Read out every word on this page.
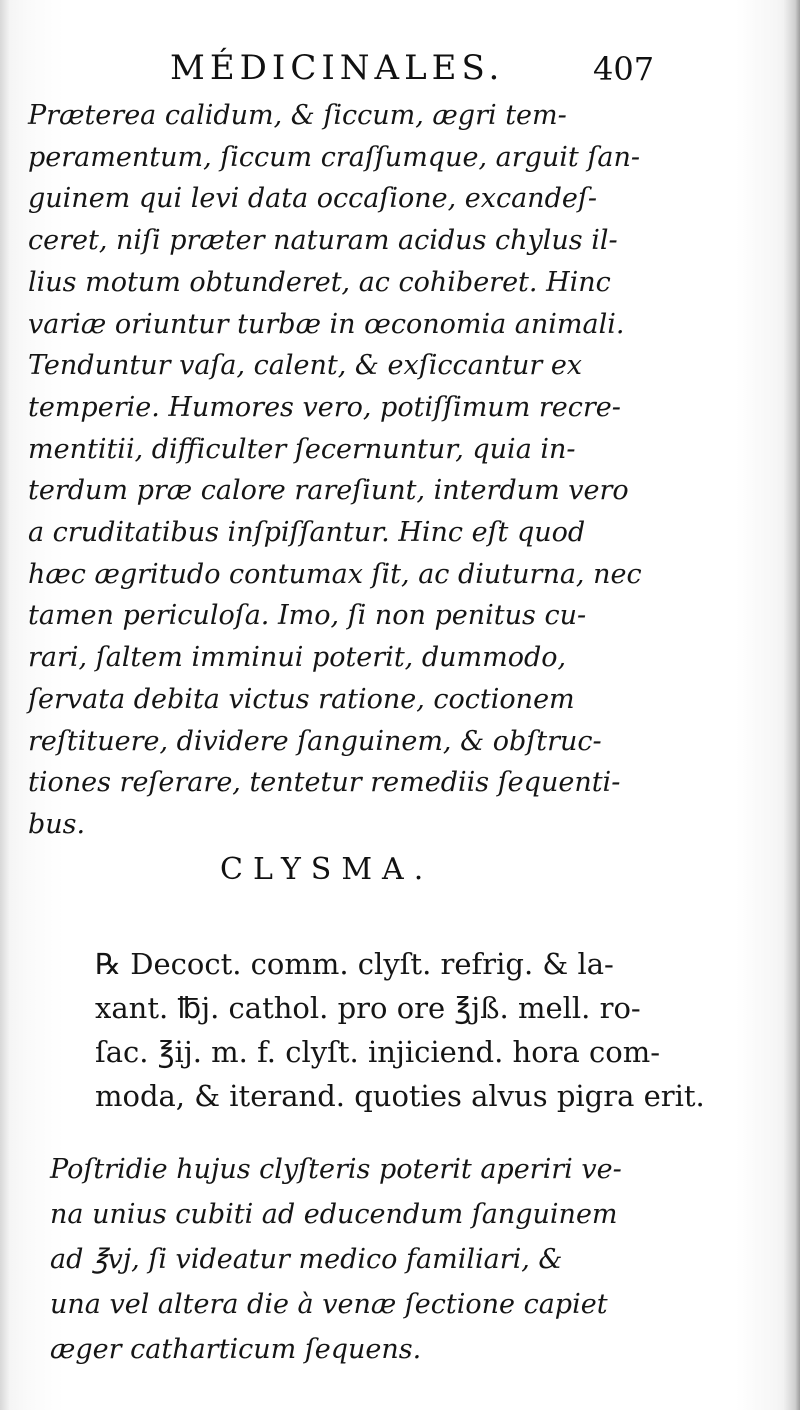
MÉDICINALES.	407
Præterea calidum, & ſiccum, ægri tem-
peramentum, ſiccum craſſumque, arguit ſan-
guinem qui levi data occaſione, excandeſ-
ceret, niſi præter naturam acidus chylus il-
lius motum obtunderet, ac cohiberet. Hinc
variæ oriuntur turbæ in œconomia animali.
Tenduntur vaſa, calent, & exſiccantur ex
temperie. Humores vero, potiſſimum recre-
mentitii, difficulter ſecernuntur, quia in-
terdum præ calore rareſiunt, interdum vero
a cruditatibus inſpiſſantur. Hinc eſt quod
hæc ægritudo contumax ſit, ac diuturna, nec
tamen periculoſa. Imo, ſi non penitus cu-
rari, ſaltem imminui poterit, dummodo,
ſervata debita victus ratione, coctionem
reſtituere, dividere ſanguinem, & obſtruc-
tiones reſerare, tentetur remediis ſequenti-
bus.
CLYSMA.
℞ Decoct. comm. clyſt. refrig. & la-
xant. ℔j. cathol. pro ore ℥jß. mell. ro-
ſac. ℥ij. m. f. clyſt. injiciend. hora com-
moda, & iterand. quoties alvus pigra erit.
Poſtridie hujus clyſteris poterit aperiri ve-
na unius cubiti ad educendum ſanguinem
ad ℥vj, ſi videatur medico familiari, &
una vel altera die à venæ ſectione capiet
æger catharticum ſequens.
